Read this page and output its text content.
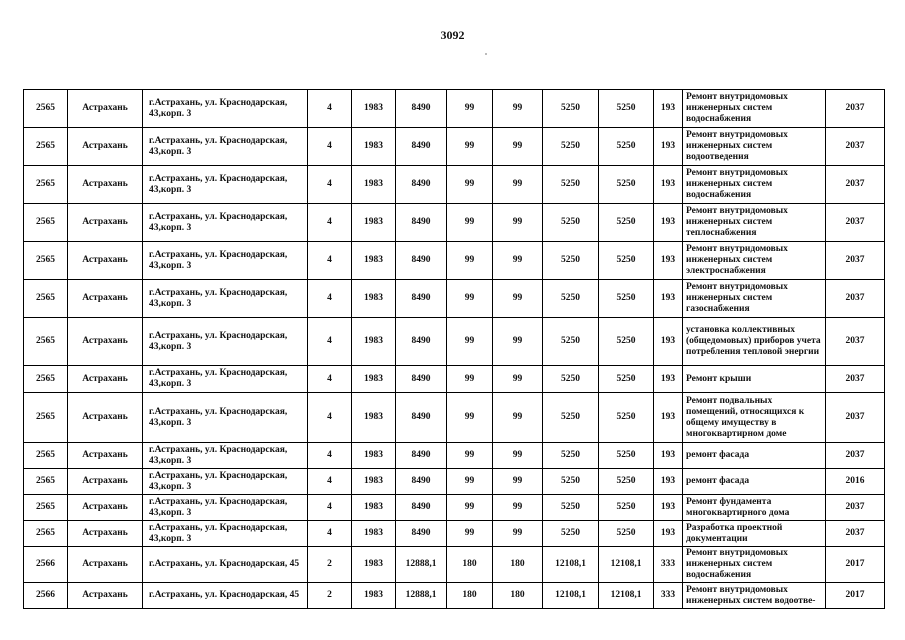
3092
2565	Астрахань	г.Астрахань, ул. Краснодарская, 43,корп. 3	4	1983	8490	99	99	5250	5250	193	Ремонт внутридомовых инженерных систем водоснабжения	2037
2565	Астрахань	г.Астрахань, ул. Краснодарская, 43,корп. 3	4	1983	8490	99	99	5250	5250	193	Ремонт внутридомовых инженерных систем водоотведения	2037
2565	Астрахань	г.Астрахань, ул. Краснодарская, 43,корп. 3	4	1983	8490	99	99	5250	5250	193	Ремонт внутридомовых инженерных систем водоснабжения	2037
2565	Астрахань	г.Астрахань, ул. Краснодарская, 43,корп. 3	4	1983	8490	99	99	5250	5250	193	Ремонт внутридомовых инженерных систем теплоснабжения	2037
2565	Астрахань	г.Астрахань, ул. Краснодарская, 43,корп. 3	4	1983	8490	99	99	5250	5250	193	Ремонт внутридомовых инженерных систем электроснабжения	2037
2565	Астрахань	г.Астрахань, ул. Краснодарская, 43,корп. 3	4	1983	8490	99	99	5250	5250	193	Ремонт внутридомовых инженерных систем газоснабжения	2037
2565	Астрахань	г.Астрахань, ул. Краснодарская, 43,корп. 3	4	1983	8490	99	99	5250	5250	193	установка коллективных (общедомовых) приборов учета потребления тепловой энергии	2037
2565	Астрахань	г.Астрахань, ул. Краснодарская, 43,корп. 3	4	1983	8490	99	99	5250	5250	193	Ремонт крыши	2037
2565	Астрахань	г.Астрахань, ул. Краснодарская, 43,корп. 3	4	1983	8490	99	99	5250	5250	193	Ремонт подвальных помещений, относящихся к общему имуществу в многоквартирном доме	2037
2565	Астрахань	г.Астрахань, ул. Краснодарская, 43,корп. 3	4	1983	8490	99	99	5250	5250	193	ремонт фасада	2037
2565	Астрахань	г.Астрахань, ул. Краснодарская, 43,корп. 3	4	1983	8490	99	99	5250	5250	193	ремонт фасада	2016
2565	Астрахань	г.Астрахань, ул. Краснодарская, 43,корп. 3	4	1983	8490	99	99	5250	5250	193	Ремонт фундамента многоквартирного дома	2037
2565	Астрахань	г.Астрахань, ул. Краснодарская, 43,корп. 3	4	1983	8490	99	99	5250	5250	193	Разработка проектной документации	2037
2566	Астрахань	г.Астрахань, ул. Краснодарская, 45	2	1983	12888,1	180	180	12108,1	12108,1	333	Ремонт внутридомовых инженерных систем водоснабжения	2017
2566	Астрахань	г.Астрахань, ул. Краснодарская, 45	2	1983	12888,1	180	180	12108,1	12108,1	333	Ремонт внутридомовых инженерных систем водоотве-	2017
